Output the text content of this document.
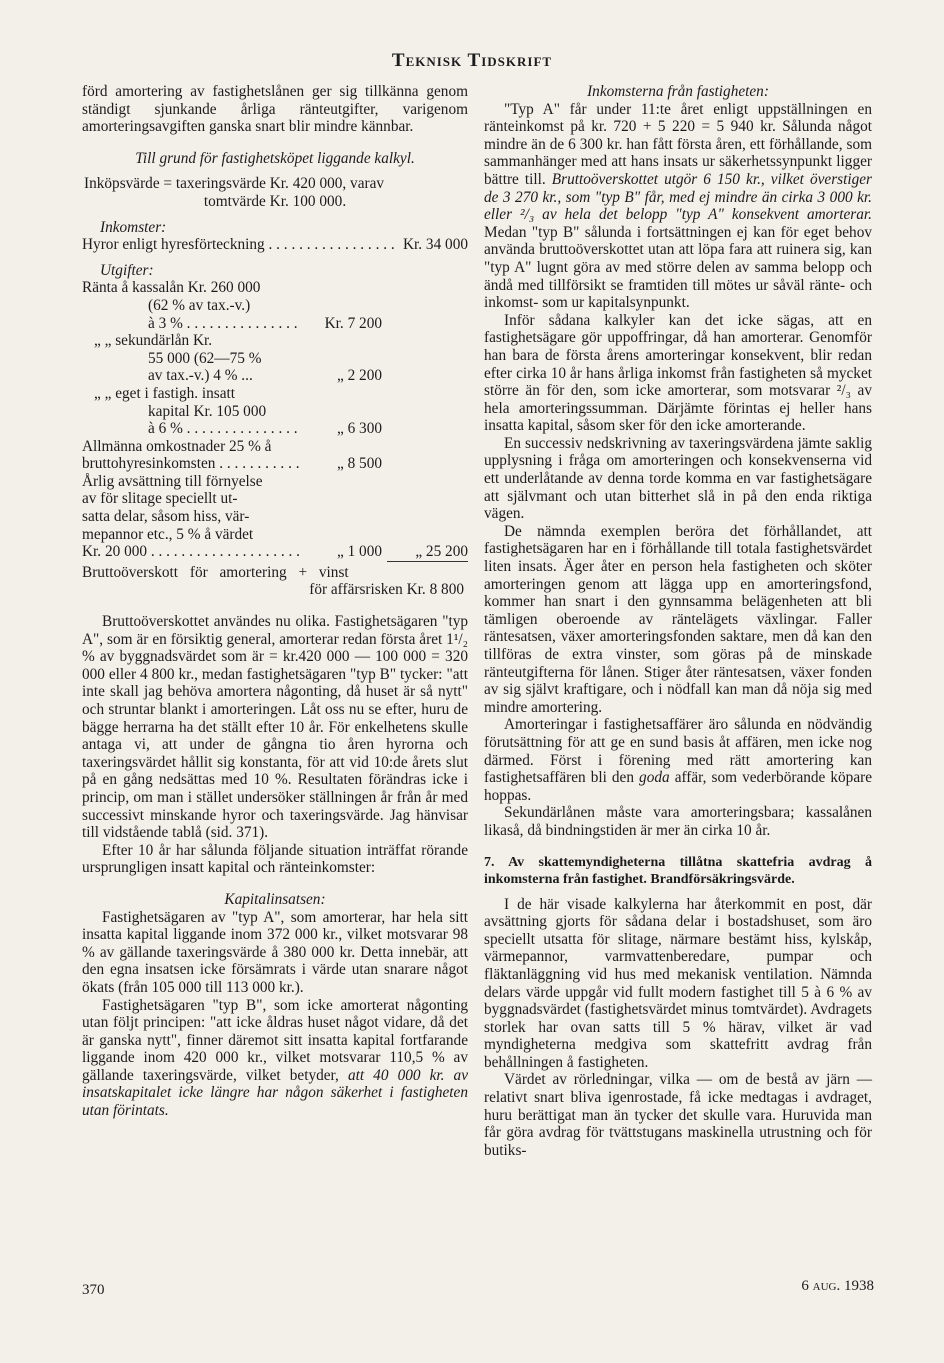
Teknisk Tidskrift

förd amortering av fastighetslånen ger sig tillkänna genom ständigt sjunkande årliga ränteutgifter, varigenom amorteringsavgiften ganska snart blir mindre kännbar.

Till grund för fastighetsköpet liggande kalkyl.

Inköpsvärde = taxeringsvärde Kr. 420 000, varav

tomtvärde Kr. 100 000.

Inkomster:

Hyror enligt hyresförteckning . . .	Kr. 34 000

Utgifter:

Ränta å kassalån Kr. 260 000
(62 % av tax.-v.)
à 3 % . . .	Kr. 7 200
„ „ sekundärlån Kr.
55 000 (62—75 %
av tax.-v.) 4 % ...	„ 2 200
„ „ eget i fastigh. insatt
kapital Kr. 105 000
à 6 % . . .	„ 6 300
Allmänna omkostnader 25 % å
bruttohyresinkomsten . . .	„ 8 500
Årlig avsättning till förnyelse
av för slitage speciellt ut-
satta delar, såsom hiss, vär-
mepannor etc., 5 % å värdet
Kr. 20 000 . . .	„ 1 000	„ 25 200
Bruttoöverskott för amortering + vinst

för affärsrisken Kr. 8 800

Bruttoöverskottet användes nu olika. Fastighetsägaren "typ A", som är en försiktig general, amorterar redan första året 1¹/₂ % av byggnadsvärdet som är = kr.420 000 — 100 000 = 320 000 eller 4 800 kr., medan fastighetsägaren "typ B" tycker: "att inte skall jag behöva amortera någonting, då huset är så nytt" och struntar blankt i amorteringen. Låt oss nu se efter, huru de bägge herrarna ha det ställt efter 10 år. För enkelhetens skulle antaga vi, att under de gångna tio åren hyrorna och taxeringsvärdet hållit sig konstanta, för att vid 10:de årets slut på en gång nedsättas med 10 %. Resultaten förändras icke i princip, om man i stället undersöker ställningen år från år med successivt minskande hyror och taxeringsvärde. Jag hänvisar till vidstående tablå (sid. 371).

Efter 10 år har sålunda följande situation inträffat rörande ursprungligen insatt kapital och ränteinkomster:

Kapitalinsatsen:

Fastighetsägaren av "typ A", som amorterar, har hela sitt insatta kapital liggande inom 372 000 kr., vilket motsvarar 98 % av gällande taxeringsvärde å 380 000 kr. Detta innebär, att den egna insatsen icke försämrats i värde utan snarare något ökats (från 105 000 till 113 000 kr.).

Fastighetsägaren "typ B", som icke amorterat någonting utan följt principen: "att icke åldras huset något vidare, då det är ganska nytt", finner däremot sitt insatta kapital fortfarande liggande inom 420 000 kr., vilket motsvarar 110,5 % av gällande taxeringsvärde, vilket betyder, att 40 000 kr. av insatskapitalet icke längre har någon säkerhet i fastigheten utan förintats.

Inkomsterna från fastigheten:

"Typ A" får under 11:te året enligt uppställningen en ränteinkomst på kr. 720 + 5 220 = 5 940 kr. Sålunda något mindre än de 6 300 kr. han fått första åren, ett förhållande, som sammanhänger med att hans insats ur säkerhetssynpunkt ligger bättre till. Bruttoöverskottet utgör 6 150 kr., vilket överstiger de 3 270 kr., som "typ B" får, med ej mindre än cirka 3 000 kr. eller ²/₃ av hela det belopp "typ A" konsekvent amorterar. Medan "typ B" sålunda i fortsättningen ej kan för eget behov använda bruttoöverskottet utan att löpa fara att ruinera sig, kan "typ A" lugnt göra av med större delen av samma belopp och ändå med tillförsikt se framtiden till mötes ur såväl ränte- och inkomst- som ur kapitalsynpunkt.

Inför sådana kalkyler kan det icke sägas, att en fastighetsägare gör uppoffringar, då han amorterar. Genomför han bara de första årens amorteringar konsekvent, blir redan efter cirka 10 år hans årliga inkomst från fastigheten så mycket större än för den, som icke amorterar, som motsvarar ²/₃ av hela amorteringssumman. Därjämte förintas ej heller hans insatta kapital, såsom sker för den icke amorterande.

En successiv nedskrivning av taxeringsvärdena jämte saklig upplysning i fråga om amorteringen och konsekvenserna vid ett underlåtande av denna torde komma en var fastighetsägare att självmant och utan bitterhet slå in på den enda riktiga vägen.

De nämnda exemplen beröra det förhållandet, att fastighetsägaren har en i förhållande till totala fastighetsvärdet liten insats. Äger åter en person hela fastigheten och sköter amorteringen genom att lägga upp en amorteringsfond, kommer han snart i den gynnsamma belägenheten att bli tämligen oberoende av räntelägets växlingar. Faller räntesatsen, växer amorteringsfonden saktare, men då kan den tillföras de extra vinster, som göras på de minskade ränteutgifterna för lånen. Stiger åter räntesatsen, växer fonden av sig självt kraftigare, och i nödfall kan man då nöja sig med mindre amortering.

Amorteringar i fastighetsaffärer äro sålunda en nödvändig förutsättning för att ge en sund basis åt affären, men icke nog därmed. Först i förening med rätt amortering kan fastighetsaffären bli den goda affär, som vederbörande köpare hoppas.

Sekundärlånen måste vara amorteringsbara; kassalånen likaså, då bindningstiden är mer än cirka 10 år.

7. Av skattemyndigheterna tillåtna skattefria avdrag å inkomsterna från fastighet. Brandförsäkringsvärde.

I de här visade kalkylerna har återkommit en post, där avsättning gjorts för sådana delar i bostadshuset, som äro speciellt utsatta för slitage, närmare bestämt hiss, kylskåp, värmepannor, varmvattenberedare, pumpar och fläktanläggning vid hus med mekanisk ventilation. Nämnda delars värde uppgår vid fullt modern fastighet till 5 à 6 % av byggnadsvärdet (fastighetsvärdet minus tomtvärdet). Avdragets storlek har ovan satts till 5 % härav, vilket är vad myndigheterna medgiva som skattefritt avdrag från behållningen å fastigheten.

Värdet av rörledningar, vilka — om de bestå av järn — relativt snart bliva igenrostade, få icke medtagas i avdraget, huru berättigat man än tycker det skulle vara. Huruvida man får göra avdrag för tvättstugans maskinella utrustning och för butiks-

370	6 aug. 1938
